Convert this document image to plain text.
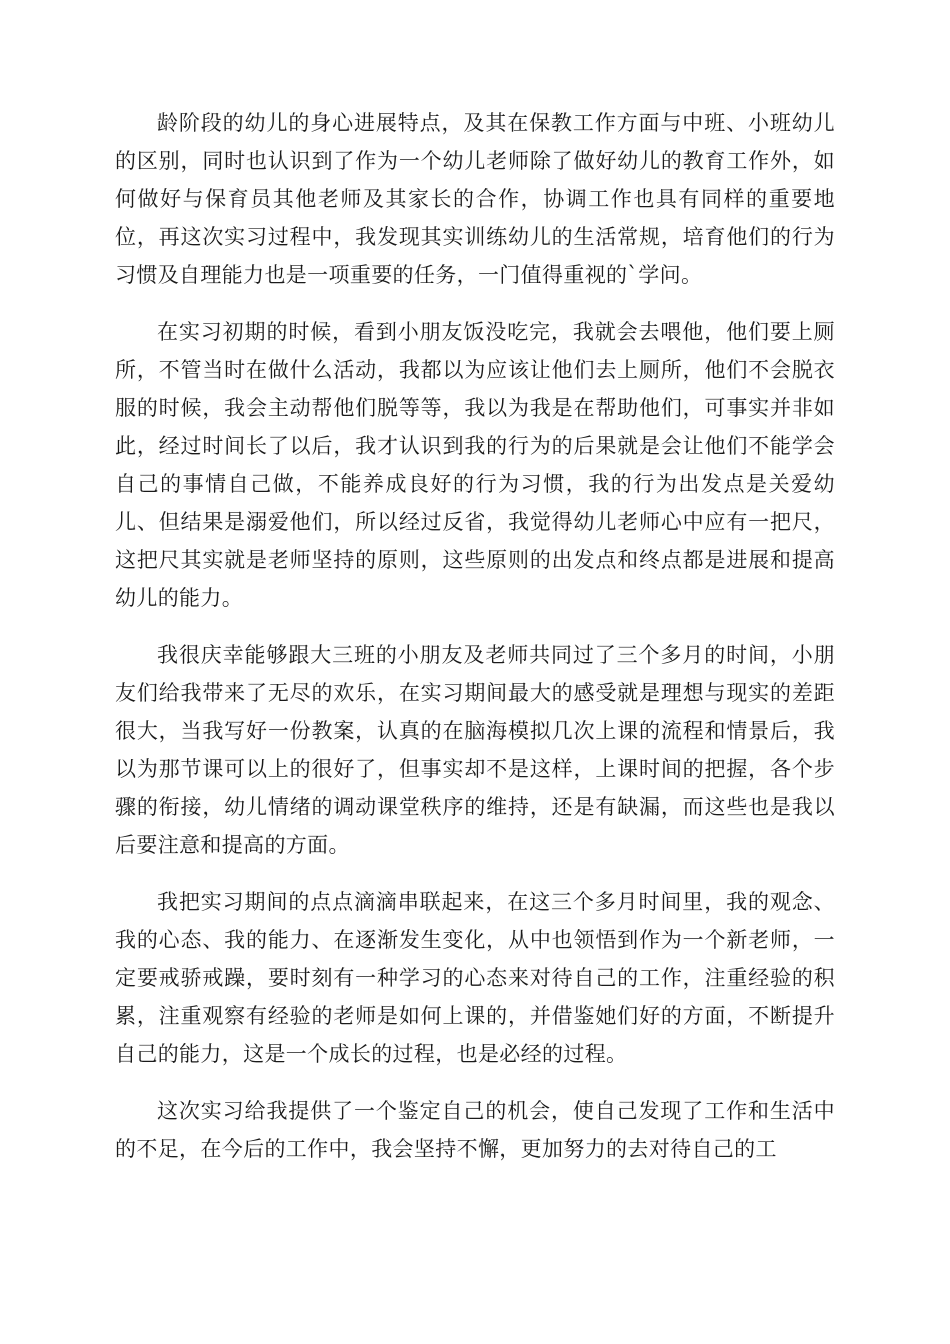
龄阶段的幼儿的身心进展特点，及其在保教工作方面与中班、小班幼儿的区别，同时也认识到了作为一个幼儿老师除了做好幼儿的教育工作外，如何做好与保育员其他老师及其家长的合作，协调工作也具有同样的重要地位，再这次实习过程中，我发现其实训练幼儿的生活常规，培育他们的行为习惯及自理能力也是一项重要的任务，一门值得重视的`学问。

在实习初期的时候，看到小朋友饭没吃完，我就会去喂他，他们要上厕所，不管当时在做什么活动，我都以为应该让他们去上厕所，他们不会脱衣服的时候，我会主动帮他们脱等等，我以为我是在帮助他们，可事实并非如此，经过时间长了以后，我才认识到我的行为的后果就是会让他们不能学会自己的事情自己做，不能养成良好的行为习惯，我的行为出发点是关爱幼儿、但结果是溺爱他们，所以经过反省，我觉得幼儿老师心中应有一把尺，这把尺其实就是老师坚持的原则，这些原则的出发点和终点都是进展和提高幼儿的能力。

我很庆幸能够跟大三班的小朋友及老师共同过了三个多月的时间，小朋友们给我带来了无尽的欢乐，在实习期间最大的感受就是理想与现实的差距很大，当我写好一份教案，认真的在脑海模拟几次上课的流程和情景后，我以为那节课可以上的很好了，但事实却不是这样，上课时间的把握，各个步骤的衔接，幼儿情绪的调动课堂秩序的维持，还是有缺漏，而这些也是我以后要注意和提高的方面。

我把实习期间的点点滴滴串联起来，在这三个多月时间里，我的观念、我的心态、我的能力、在逐渐发生变化，从中也领悟到作为一个新老师，一定要戒骄戒躁，要时刻有一种学习的心态来对待自己的工作，注重经验的积累，注重观察有经验的老师是如何上课的，并借鉴她们好的方面，不断提升自己的能力，这是一个成长的过程，也是必经的过程。

这次实习给我提供了一个鉴定自己的机会，使自己发现了工作和生活中的不足，在今后的工作中，我会坚持不懈，更加努力的去对待自己的工
